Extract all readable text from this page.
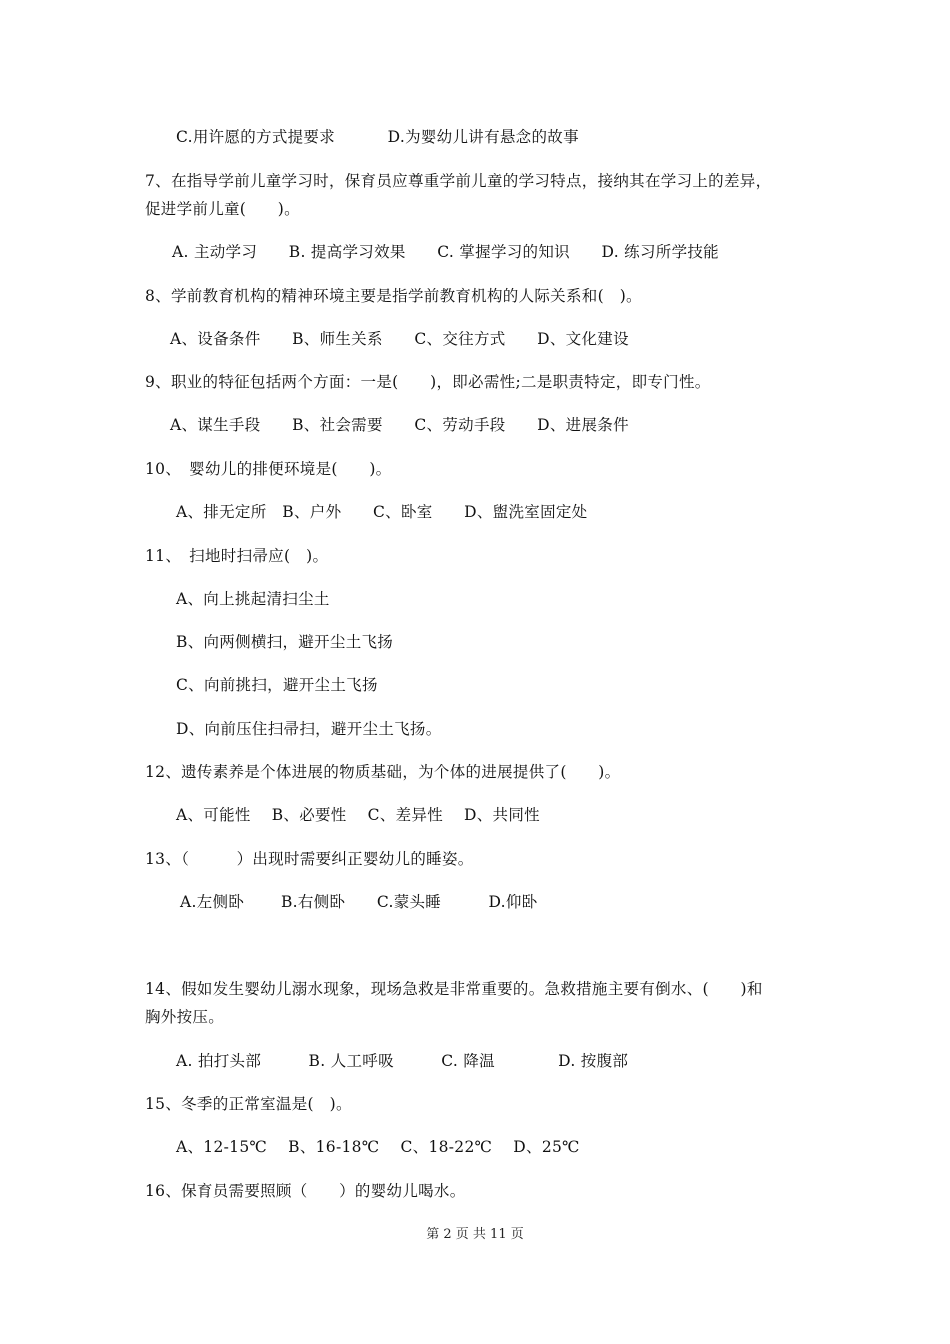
C.用许愿的方式提要求　　　 D.为婴幼儿讲有悬念的故事
7、在指导学前儿童学习时，保育员应尊重学前儿童的学习特点，接纳其在学习上的差异，
促进学前儿童(　　)。
A. 主动学习　　B. 提高学习效果　　C. 掌握学习的知识　　D. 练习所学技能
8、学前教育机构的精神环境主要是指学前教育机构的人际关系和(　)。
A、设备条件　　B、师生关系　　C、交往方式　　D、文化建设
9、职业的特征包括两个方面：一是(　　)，即必需性;二是职责特定，即专门性。
A、谋生手段　　B、社会需要　　C、劳动手段　　D、进展条件
10、　婴幼儿的排便环境是(　　)。
A、排无定所　B、户外　　C、卧室　　D、盥洗室固定处
11、　扫地时扫帚应(　)。
A、向上挑起清扫尘土
B、向两侧横扫，避开尘土飞扬
C、向前挑扫，避开尘土飞扬
D、向前压住扫帚扫，避开尘土飞扬。
12、遗传素养是个体进展的物质基础，为个体的进展提供了(　　)。
A、可能性　 B、必要性　 C、差异性　 D、共同性
13、（　　　）出现时需要纠正婴幼儿的睡姿。
A.左侧卧　　 B.右侧卧　　C.蒙头睡　　　D.仰卧
14、假如发生婴幼儿溺水现象，现场急救是非常重要的。急救措施主要有倒水、(　　)和
胸外按压。
A. 拍打头部　　　B. 人工呼吸　　　C. 降温　　　　D. 按腹部
15、冬季的正常室温是(　)。
A、12-15℃　 B、16-18℃　 C、18-22℃　 D、25℃
16、保育员需要照顾（　　）的婴幼儿喝水。
第 2 页 共 11 页
